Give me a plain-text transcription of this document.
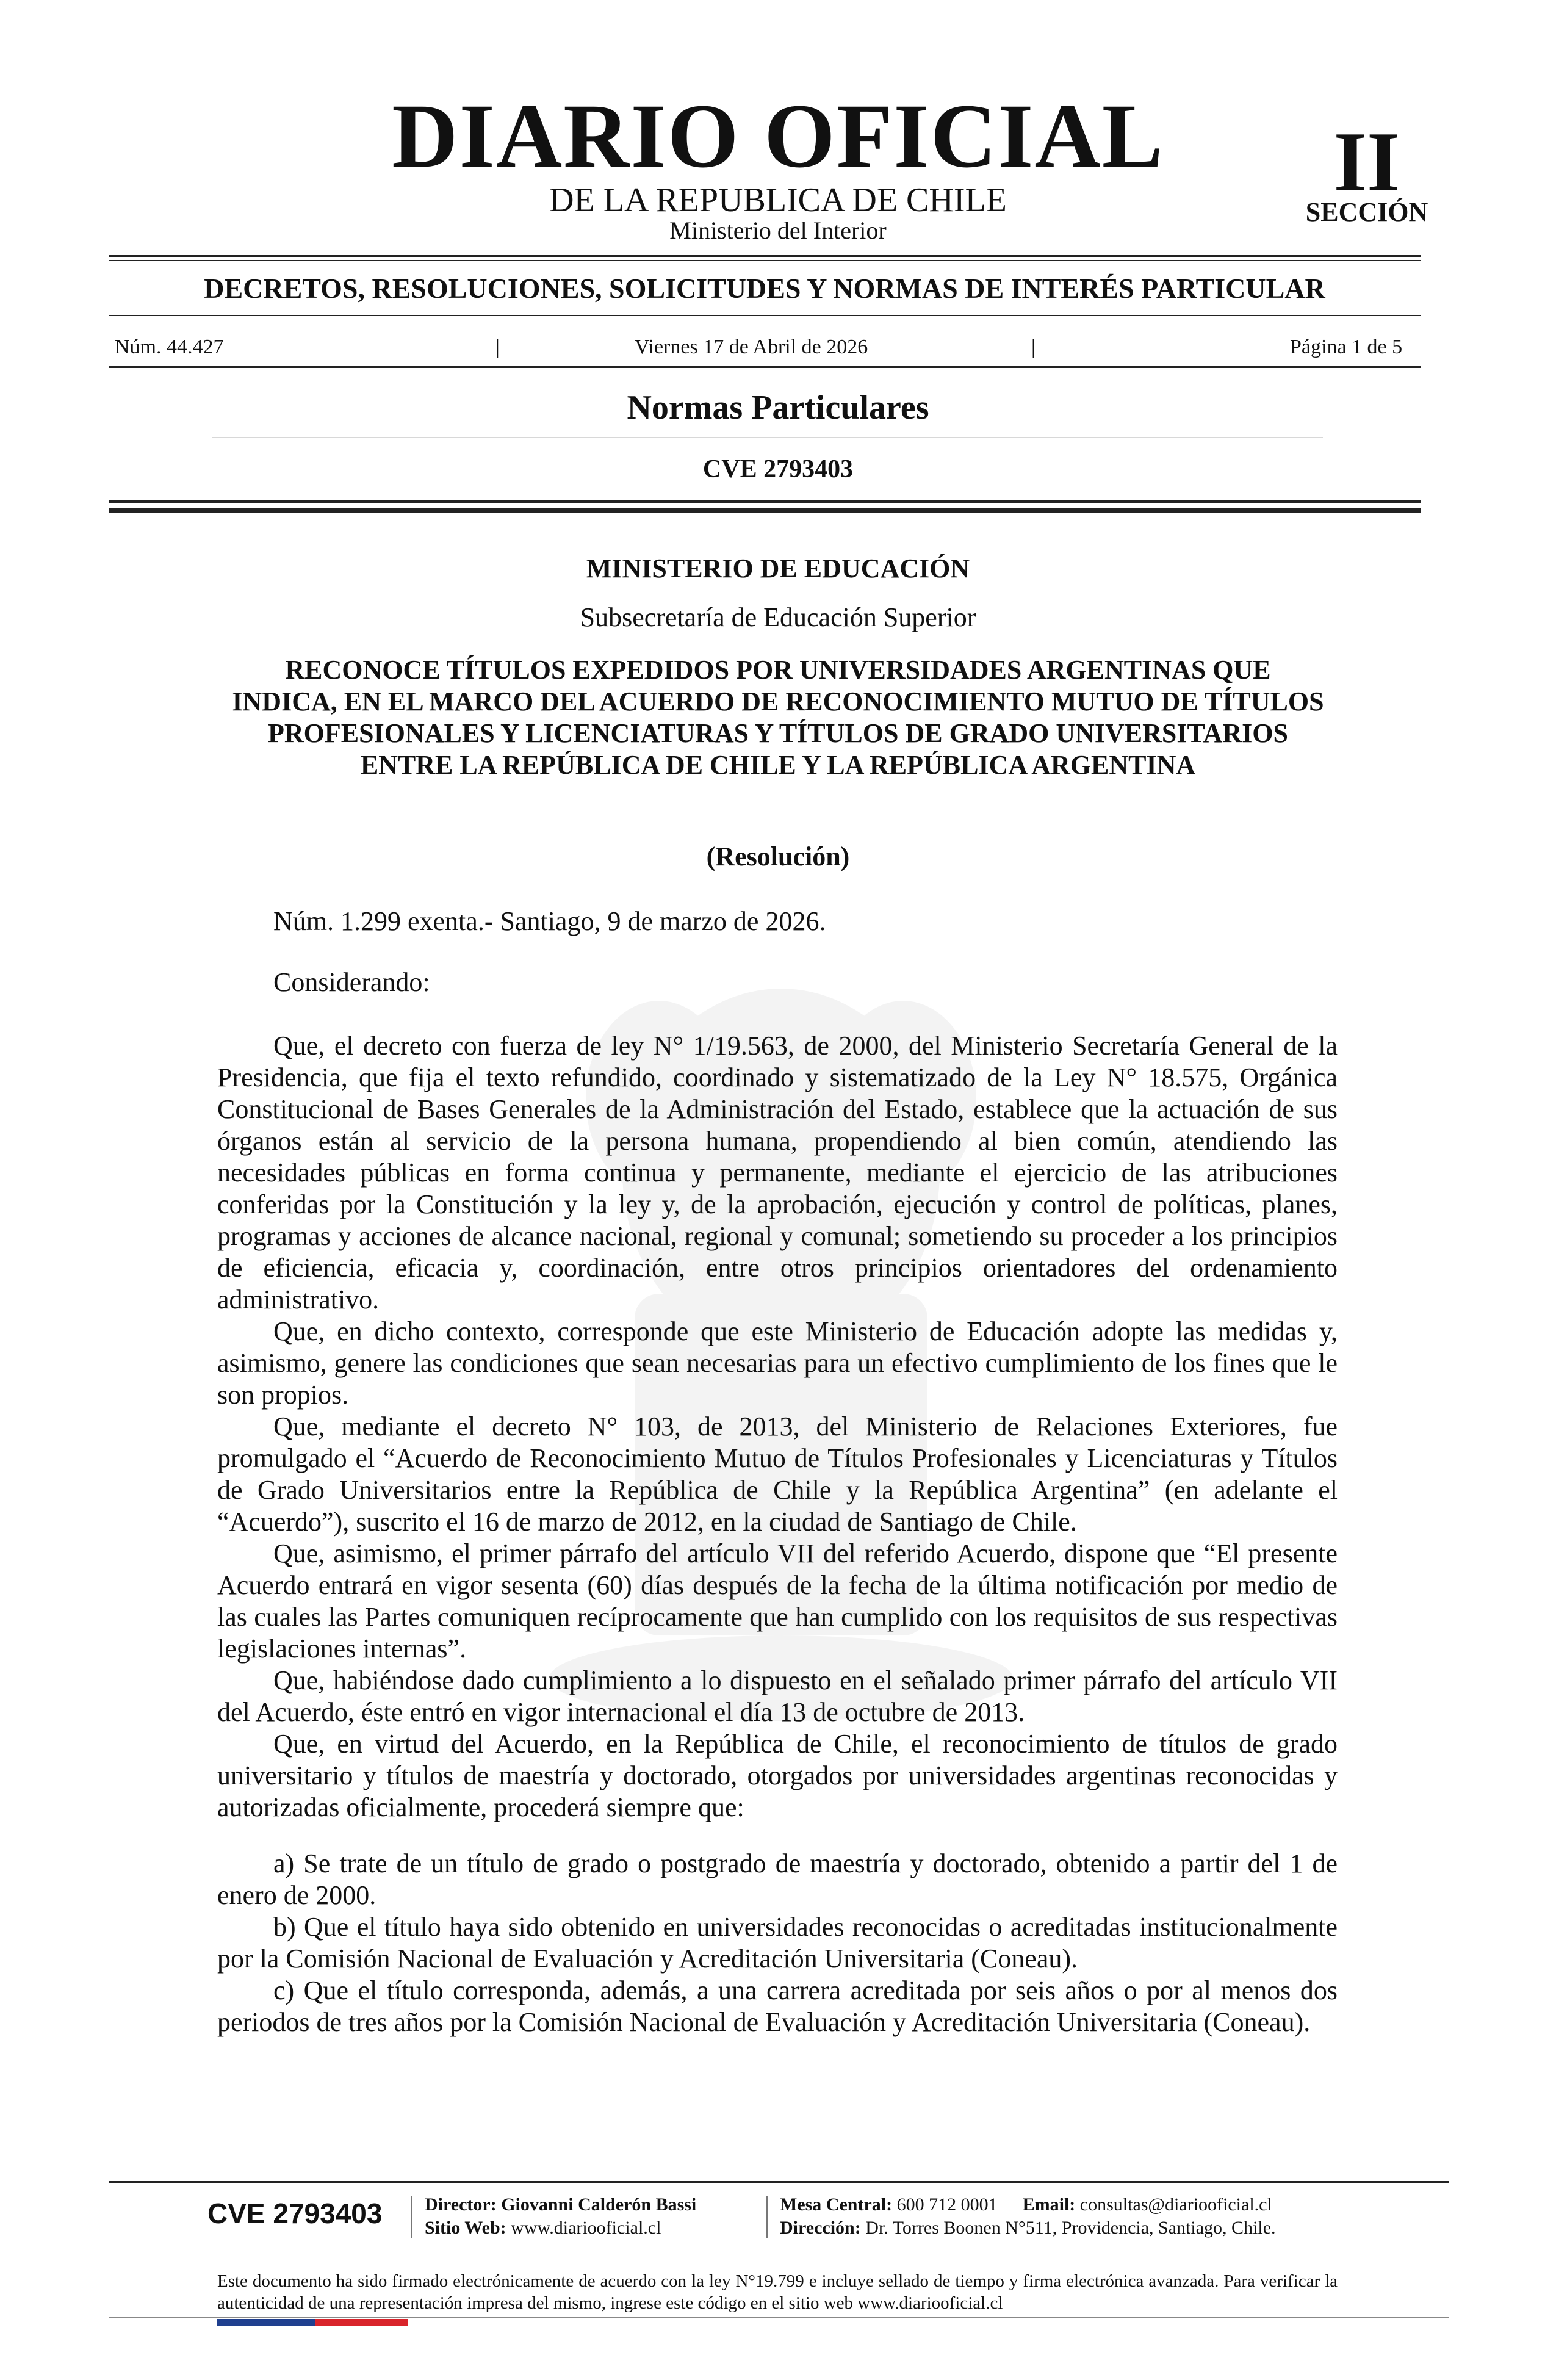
DIARIO OFICIAL
DE LA REPUBLICA DE CHILE
Ministerio del Interior
II
SECCIÓN
DECRETOS, RESOLUCIONES, SOLICITUDES Y NORMAS DE INTERÉS PARTICULAR
Núm. 44.427	|	Viernes 17 de Abril de 2026	|	Página 1 de 5
Normas Particulares
CVE 2793403
MINISTERIO DE EDUCACIÓN
Subsecretaría de Educación Superior
RECONOCE TÍTULOS EXPEDIDOS POR UNIVERSIDADES ARGENTINAS QUE INDICA, EN EL MARCO DEL ACUERDO DE RECONOCIMIENTO MUTUO DE TÍTULOS PROFESIONALES Y LICENCIATURAS Y TÍTULOS DE GRADO UNIVERSITARIOS ENTRE LA REPÚBLICA DE CHILE Y LA REPÚBLICA ARGENTINA
(Resolución)

Núm. 1.299 exenta.- Santiago, 9 de marzo de 2026.

Considerando:

Que, el decreto con fuerza de ley N° 1/19.563, de 2000, del Ministerio Secretaría General de la Presidencia, que fija el texto refundido, coordinado y sistematizado de la Ley N° 18.575, Orgánica Constitucional de Bases Generales de la Administración del Estado, establece que la actuación de sus órganos están al servicio de la persona humana, propendiendo al bien común, atendiendo las necesidades públicas en forma continua y permanente, mediante el ejercicio de las atribuciones conferidas por la Constitución y la ley y, de la aprobación, ejecución y control de políticas, planes, programas y acciones de alcance nacional, regional y comunal; sometiendo su proceder a los principios de eficiencia, eficacia y, coordinación, entre otros principios orientadores del ordenamiento administrativo.

Que, en dicho contexto, corresponde que este Ministerio de Educación adopte las medidas y, asimismo, genere las condiciones que sean necesarias para un efectivo cumplimiento de los fines que le son propios.

Que, mediante el decreto N° 103, de 2013, del Ministerio de Relaciones Exteriores, fue promulgado el “Acuerdo de Reconocimiento Mutuo de Títulos Profesionales y Licenciaturas y Títulos de Grado Universitarios entre la República de Chile y la República Argentina” (en adelante el “Acuerdo”), suscrito el 16 de marzo de 2012, en la ciudad de Santiago de Chile.

Que, asimismo, el primer párrafo del artículo VII del referido Acuerdo, dispone que “El presente Acuerdo entrará en vigor sesenta (60) días después de la fecha de la última notificación por medio de las cuales las Partes comuniquen recíprocamente que han cumplido con los requisitos de sus respectivas legislaciones internas”.

Que, habiéndose dado cumplimiento a lo dispuesto en el señalado primer párrafo del artículo VII del Acuerdo, éste entró en vigor internacional el día 13 de octubre de 2013.

Que, en virtud del Acuerdo, en la República de Chile, el reconocimiento de títulos de grado universitario y títulos de maestría y doctorado, otorgados por universidades argentinas reconocidas y autorizadas oficialmente, procederá siempre que:

a) Se trate de un título de grado o postgrado de maestría y doctorado, obtenido a partir del 1 de enero de 2000.

b) Que el título haya sido obtenido en universidades reconocidas o acreditadas institucionalmente por la Comisión Nacional de Evaluación y Acreditación Universitaria (Coneau).

c) Que el título corresponda, además, a una carrera acreditada por seis años o por al menos dos periodos de tres años por la Comisión Nacional de Evaluación y Acreditación Universitaria (Coneau).

CVE 2793403 Director: Giovanni Calderón Bassi
Sitio Web: www.diariooficial.cl
Mesa Central: 600 712 0001 Email: consultas@diariooficial.cl
Dirección: Dr. Torres Boonen N°511, Providencia, Santiago, Chile.
Este documento ha sido firmado electrónicamente de acuerdo con la ley N°19.799 e incluye sellado de tiempo y firma electrónica avanzada. Para verificar la autenticidad de una representación impresa del mismo, ingrese este código en el sitio web www.diariooficial.cl
